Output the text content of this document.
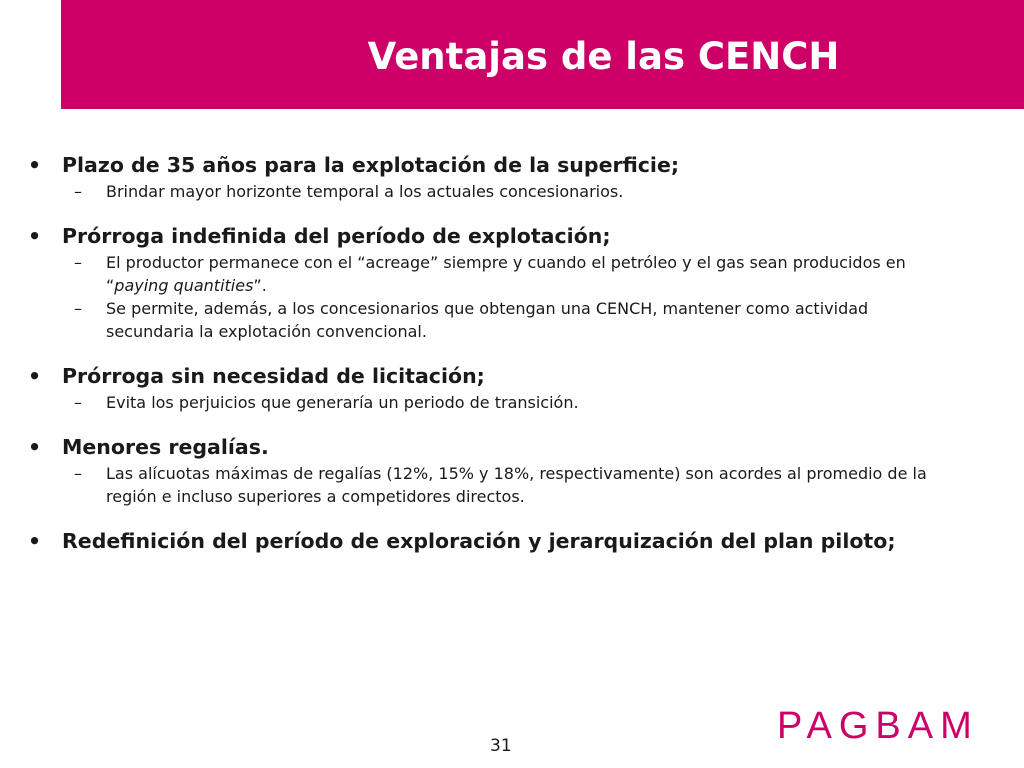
Ventajas de las CENCH
•	Plazo de 35 años para la explotación de la superficie;
–	Brindar mayor horizonte temporal a los actuales concesionarios.
•	Prórroga indefinida del período de explotación;
–	El productor permanece con el “acreage” siempre y cuando el petróleo y el gas sean producidos en “paying quantities”.
–	Se permite, además, a los concesionarios que obtengan una CENCH, mantener como actividad secundaria la explotación convencional.
•	Prórroga sin necesidad de licitación;
–	Evita los perjuicios que generaría un periodo de transición.
•	Menores regalías.
–	Las alícuotas máximas de regalías (12%, 15% y 18%, respectivamente) son acordes al promedio de la región e incluso superiores a competidores directos.
•	Redefinición del período de exploración y jerarquización del plan piloto;
PAGBAM
31
